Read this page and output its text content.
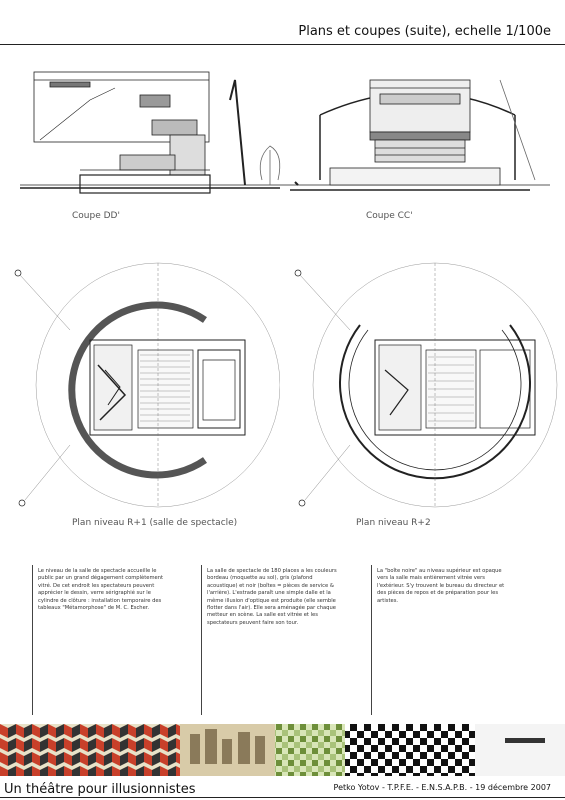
Plans et coupes (suite), echelle 1/100e
Coupe DD'	Coupe CC'
Plan niveau R+1 (salle de spectacle)	Plan niveau R+2
Le niveau de la salle de spectacle accueille le public par un grand dégagement complètement vitré. De cet endroit les spectateurs peuvent apprécier le dessin, verre sérigraphié sur le cylindre de clôture : installation temporaire des tableaux "Métamorphose" de M. C. Escher.
La salle de spectacle de 180 places a les couleurs bordeau (moquette au sol), gris (plafond acoustique) et noir (boîtes = pièces de service & l'arrière). L'estrade paraît une simple dalle et la même illusion d'optique est produite (elle semble flotter dans l'air). Elle sera aménagée par chaque metteur en scène. La salle est vitrée et les spectateurs peuvent faire son tour.
La "boîte noire" au niveau supérieur est opaque vers la salle mais entièrement vitrée vers l'extérieur. S'y trouvent le bureau du directeur et des pièces de repos et de préparation pour les artistes.
Un théâtre pour illusionnistes	Petko Yotov - T.P.F.E. - E.N.S.A.P.B. - 19 décembre 2007
